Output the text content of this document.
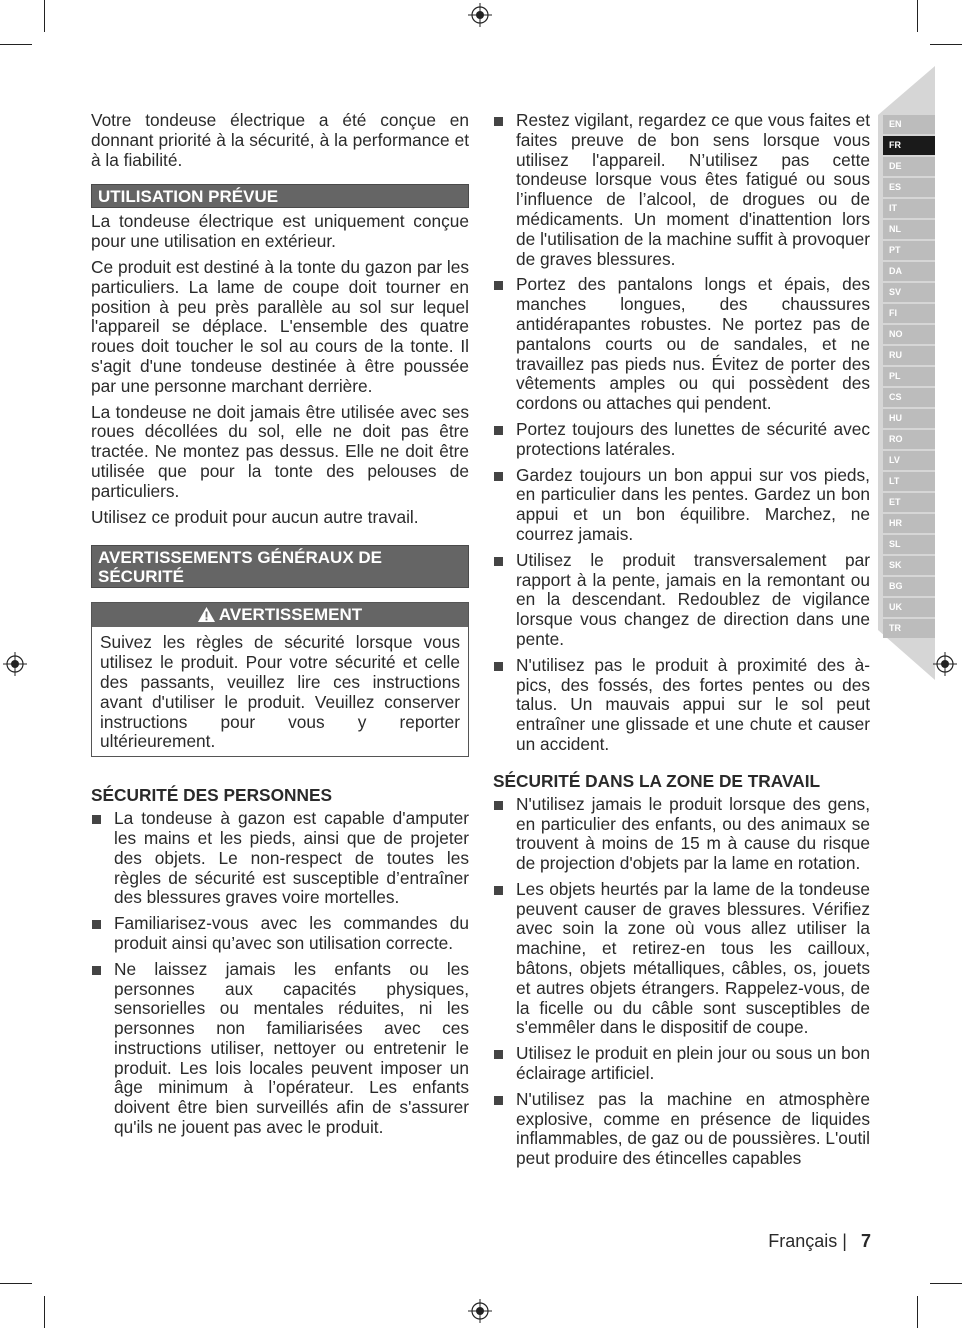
EN
FR
DE
ES
IT
NL
PT
DA
SV
FI
NO
RU
PL
CS
HU
RO
LV
LT
ET
HR
SL
SK
BG
UK
TR

Votre tondeuse électrique a été conçue en donnant priorité à la sécurité, à la performance et à la fiabilité.

UTILISATION PRÉVUE

La tondeuse électrique est uniquement conçue pour une utilisation en extérieur.

Ce produit est destiné à la tonte du gazon par les particuliers. La lame de coupe doit tourner en position à peu près parallèle au sol sur lequel l'appareil se déplace. L'ensemble des quatre roues doit toucher le sol au cours de la tonte. Il s'agit d'une tondeuse destinée à être poussée par une personne marchant derrière.

La tondeuse ne doit jamais être utilisée avec ses roues décollées du sol, elle ne doit pas être tractée. Ne montez pas dessus. Elle ne doit être utilisée que pour la tonte des pelouses de particuliers.

Utilisez ce produit pour aucun autre travail.

AVERTISSEMENTS GÉNÉRAUX DE SÉCURITÉ
AVERTISSEMENT

Suivez les règles de sécurité lorsque vous utilisez le produit. Pour votre sécurité et celle des passants, veuillez lire ces instructions avant d'utiliser le produit. Veuillez conserver instructions pour vous y reporter ultérieurement.

SÉCURITÉ DES PERSONNES
La tondeuse à gazon est capable d'amputer les mains et les pieds, ainsi que de projeter des objets. Le non-respect de toutes les règles de sécurité est susceptible d’entraîner des blessures graves voire mortelles.
Familiarisez-vous avec les commandes du produit ainsi qu’avec son utilisation correcte.
Ne laissez jamais les enfants ou les personnes aux capacités physiques, sensorielles ou mentales réduites, ni les personnes non familiarisées avec ces instructions utiliser, nettoyer ou entretenir le produit. Les lois locales peuvent imposer un âge minimum à l’opérateur. Les enfants doivent être bien surveillés afin de s'assurer qu'ils ne jouent pas avec le produit.
Restez vigilant, regardez ce que vous faites et faites preuve de bon sens lorsque vous utilisez l'appareil. N’utilisez pas cette tondeuse lorsque vous êtes fatigué ou sous l’influence de l’alcool, de drogues ou de médicaments. Un moment d'inattention lors de l'utilisation de la machine suffit à provoquer de graves blessures.
Portez des pantalons longs et épais, des manches longues, des chaussures antidérapantes robustes. Ne portez pas de pantalons courts ou de sandales, et ne travaillez pas pieds nus. Évitez de porter des vêtements amples ou qui possèdent des cordons ou attaches qui pendent.
Portez toujours des lunettes de sécurité avec protections latérales.
Gardez toujours un bon appui sur vos pieds, en particulier dans les pentes. Gardez un bon appui et un bon équilibre. Marchez, ne courrez jamais.
Utilisez le produit transversalement par rapport à la pente, jamais en la remontant ou en la descendant. Redoublez de vigilance lorsque vous changez de direction dans une pente.
N'utilisez pas le produit à proximité des à-pics, des fossés, des fortes pentes ou des talus. Un mauvais appui sur le sol peut entraîner une glissade et une chute et causer un accident.
SÉCURITÉ DANS LA ZONE DE TRAVAIL
N'utilisez jamais le produit lorsque des gens, en particulier des enfants, ou des animaux se trouvent à moins de 15 m à cause du risque de projection d'objets par la lame en rotation.
Les objets heurtés par la lame de la tondeuse peuvent causer de graves blessures. Vérifiez avec soin la zone où vous allez utiliser la machine, et retirez-en tous les cailloux, bâtons, objets métalliques, câbles, os, jouets et autres objets étrangers. Rappelez-vous, de la ficelle ou du câble sont susceptibles de s'emmêler dans le dispositif de coupe.
Utilisez le produit en plein jour ou sous un bon éclairage artificiel.
N'utilisez pas la machine en atmosphère explosive, comme en présence de liquides inflammables, de gaz ou de poussières. L'outil peut produire des étincelles capables
Français | 7
